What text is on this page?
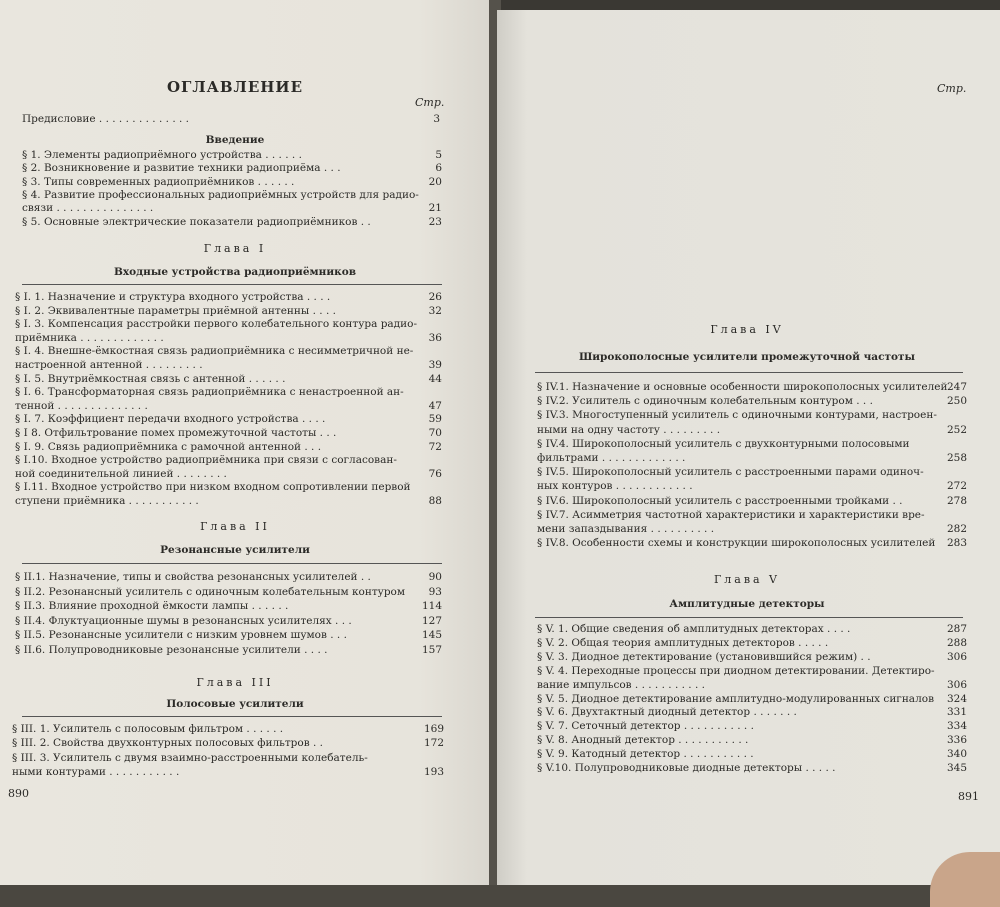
ОГЛАВЛЕНИЕ
Стр.
Предисловие . . . . . . . . . . . . . .	3
Введение
§ 1. Элементы радиоприёмного устройства . . . . . .	5
§ 2. Возникновение и развитие техники радиоприёма . . .	6
§ 3. Типы современных радиоприёмников . . . . . .	20
§ 4. Развитие профессиональных радиоприёмных устройств для радио-
связи . . . . . . . . . . . . . . .	21
§ 5. Основные электрические показатели радиоприёмников . .	23
Глава I
Входные устройства радиоприёмников
§ I. 1. Назначение и структура входного устройства . . . .	26
§ I. 2. Эквивалентные параметры приёмной антенны . . . .	32
§ I. 3. Компенсация расстройки первого колебательного контура радио-
приёмника . . . . . . . . . . . . .	36
§ I. 4. Внешне-ёмкостная связь радиоприёмника с несимметричной не-
настроенной антенной . . . . . . . . .	39
§ I. 5. Внутриёмкостная связь с антенной . . . . . .	44
§ I. 6. Трансформаторная связь радиоприёмника с ненастроенной ан-
тенной . . . . . . . . . . . . . .	47
§ I. 7. Коэффициент передачи входного устройства . . . .	59
§ I 8. Отфильтрование помех промежуточной частоты . . .	70
§ I. 9. Связь радиоприёмника с рамочной антенной . . .	72
§ I.10. Входное устройство радиоприёмника при связи с согласован-
ной соединительной линией . . . . . . . .	76
§ I.11. Входное устройство при низком входном сопротивлении первой
ступени приёмника . . . . . . . . . . .	88
Глава II
Резонансные усилители
§ II.1. Назначение, типы и свойства резонансных усилителей . .	90
§ II.2. Резонансный усилитель с одиночным колебательным контуром 93
§ II.3. Влияние проходной ёмкости лампы . . . . . .	114
§ II.4. Флуктуационные шумы в резонансных усилителях . . .	127
§ II.5. Резонансные усилители с низким уровнем шумов . . .	145
§ II.6. Полупроводниковые резонансные усилители . . . .	157
Глава III
Полосовые усилители
§ III. 1. Усилитель с полосовым фильтром . . . . . .	169
§ III. 2. Свойства двухконтурных полосовых фильтров . .	172
§ III. 3. Усилитель с двумя взаимно-расстроенными колебатель-
ными контурами . . . . . . . . . . .	193
890
Стр.
Глава IV
Широкополосные усилители промежуточной частоты
§ IV.1. Назначение и основные особенности широкополосных усилителей 247
§ IV.2. Усилитель с одиночным колебательным контуром . . .	250
§ IV.3. Многоступенный усилитель с одиночными контурами, настроен-
ными на одну частоту . . . . . . . . .	252
§ IV.4. Широкополосный усилитель с двухконтурными полосовыми
фильтрами . . . . . . . . . . . . .	258
§ IV.5. Широкополосный усилитель с расстроенными парами одиноч-
ных контуров . . . . . . . . . . . .	272
§ IV.6. Широкополосный усилитель с расстроенными тройками . .	278
§ IV.7. Асимметрия частотной характеристики и характеристики вре-
мени запаздывания . . . . . . . . . .	282
§ IV.8. Особенности схемы и конструкции широкополосных усилителей 283
Глава V
Амплитудные детекторы
§ V. 1. Общие сведения об амплитудных детекторах . . . .	287
§ V. 2. Общая теория амплитудных детекторов . . . . .	288
§ V. 3. Диодное детектирование (установившийся режим) . .	306
§ V. 4. Переходные процессы при диодном детектировании. Детектиро-
вание импульсов . . . . . . . . . . .	306
§ V. 5. Диодное детектирование амплитудно-модулированных сигналов 324
§ V. 6. Двухтактный диодный детектор . . . . . . .	331
§ V. 7. Сеточный детектор . . . . . . . . . . .	334
§ V. 8. Анодный детектор . . . . . . . . . . .	336
§ V. 9. Катодный детектор . . . . . . . . . . .	340
§ V.10. Полупроводниковые диодные детекторы . . . . .	345
891
